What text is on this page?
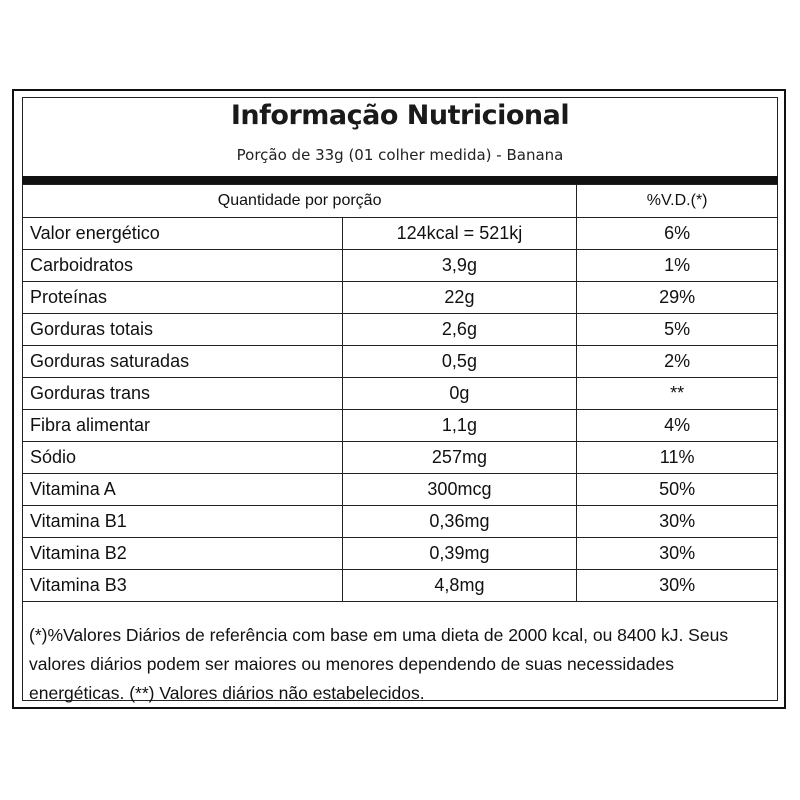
Informação Nutricional
Porção de 33g (01 colher medida) - Banana
Quantidade por porção		%V.D.(*)
Valor energético	124kcal = 521kj	6%
Carboidratos	3,9g	1%
Proteínas	22g	29%
Gorduras totais	2,6g	5%
Gorduras saturadas	0,5g	2%
Gorduras trans	0g	**
Fibra alimentar	1,1g	4%
Sódio	257mg	11%
Vitamina A	300mcg	50%
Vitamina B1	0,36mg	30%
Vitamina B2	0,39mg	30%
Vitamina B3	4,8mg	30%
(*)%Valores Diários de referência com base em uma dieta de 2000 kcal, ou 8400 kJ. Seus valores diários podem ser maiores ou menores dependendo de suas necessidades energéticas. (**) Valores diários não estabelecidos.
